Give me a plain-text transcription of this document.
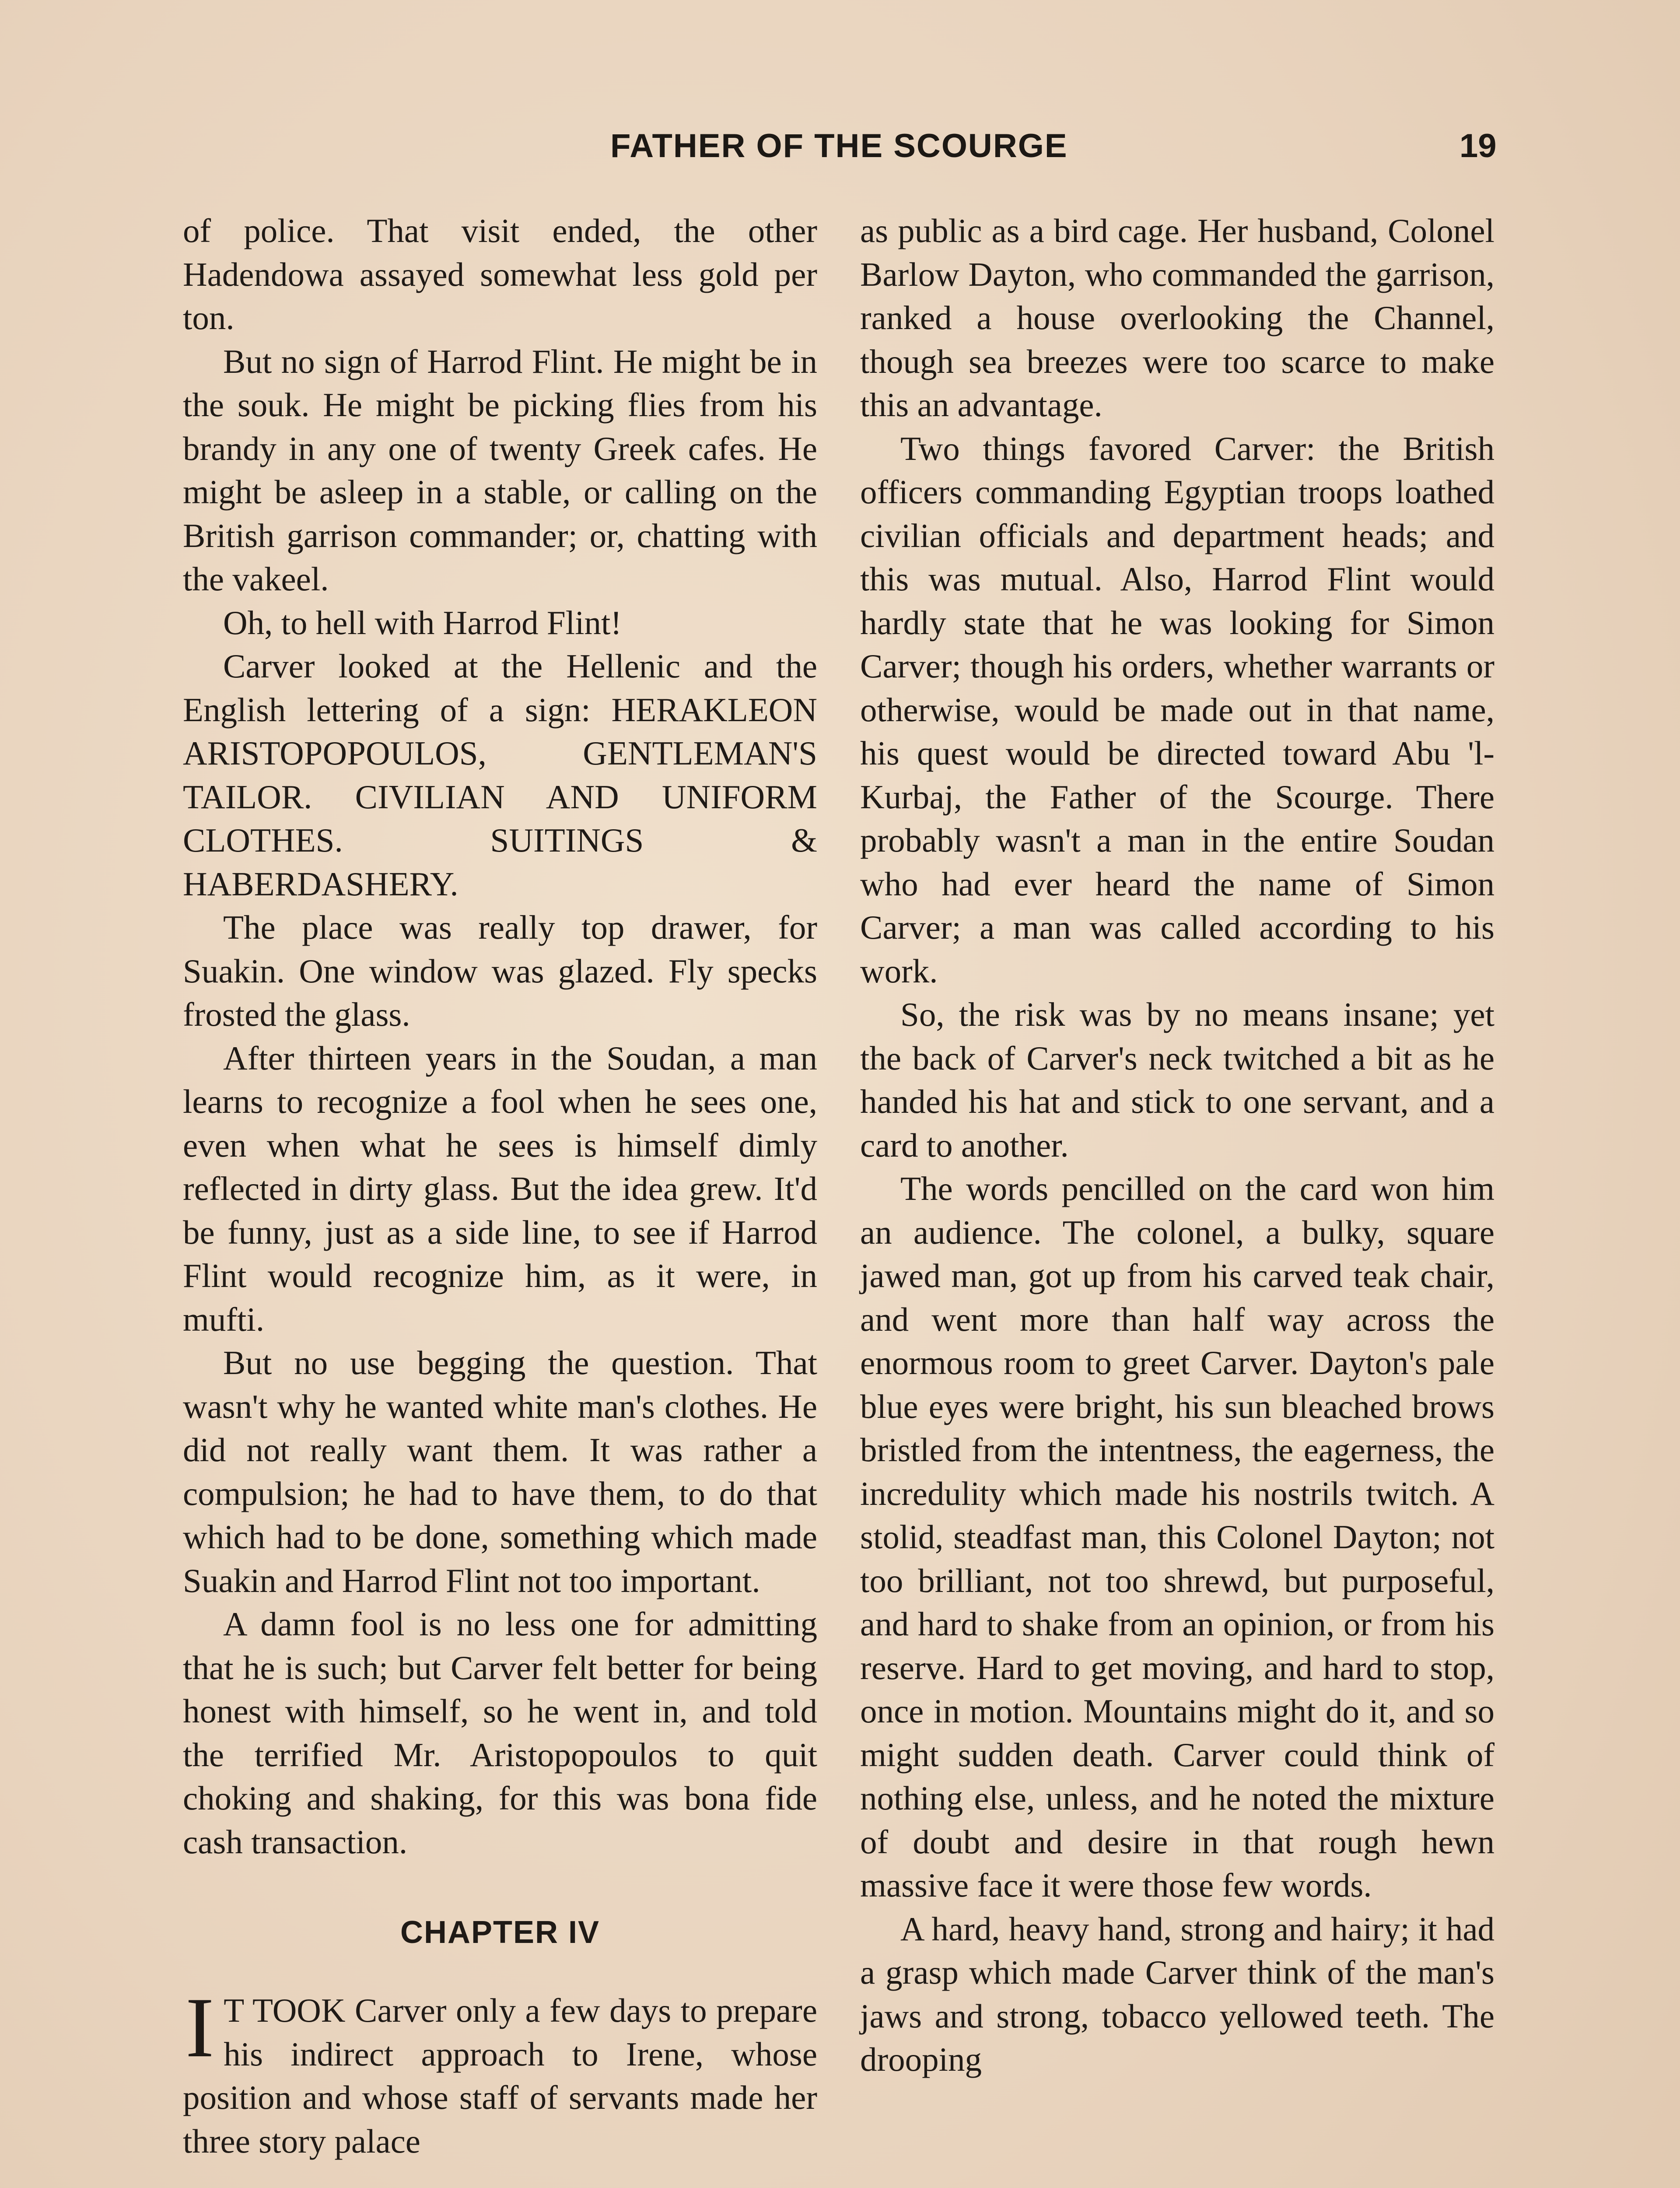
FATHER OF THE SCOURGE	19

of police. That visit ended, the other Hadendowa assayed somewhat less gold per ton.

But no sign of Harrod Flint. He might be in the souk. He might be picking flies from his brandy in any one of twenty Greek cafes. He might be asleep in a stable, or calling on the British garrison commander; or, chatting with the vakeel.

Oh, to hell with Harrod Flint!

Carver looked at the Hellenic and the English lettering of a sign: HERAKLEON ARISTOPOPOULOS, GENTLEMAN'S TAILOR. CIVILIAN AND UNIFORM CLOTHES. SUITINGS & HABERDASHERY.

The place was really top drawer, for Suakin. One window was glazed. Fly specks frosted the glass.

After thirteen years in the Soudan, a man learns to recognize a fool when he sees one, even when what he sees is himself dimly reflected in dirty glass. But the idea grew. It'd be funny, just as a side line, to see if Harrod Flint would recognize him, as it were, in mufti.

But no use begging the question. That wasn't why he wanted white man's clothes. He did not really want them. It was rather a compulsion; he had to have them, to do that which had to be done, something which made Suakin and Harrod Flint not too important.

A damn fool is no less one for admitting that he is such; but Carver felt better for being honest with himself, so he went in, and told the terrified Mr. Aristopopoulos to quit choking and shaking, for this was bona fide cash transaction.

CHAPTER IV

I T TOOK Carver only a few days to prepare his indirect approach to Irene, whose position and whose staff of servants made her three story palace

as public as a bird cage. Her husband, Colonel Barlow Dayton, who commanded the garrison, ranked a house overlooking the Channel, though sea breezes were too scarce to make this an advantage.

Two things favored Carver: the British officers commanding Egyptian troops loathed civilian officials and department heads; and this was mutual. Also, Harrod Flint would hardly state that he was looking for Simon Carver; though his orders, whether warrants or otherwise, would be made out in that name, his quest would be directed toward Abu 'l-Kurbaj, the Father of the Scourge. There probably wasn't a man in the entire Soudan who had ever heard the name of Simon Carver; a man was called according to his work.

So, the risk was by no means insane; yet the back of Carver's neck twitched a bit as he handed his hat and stick to one servant, and a card to another.

The words pencilled on the card won him an audience. The colonel, a bulky, square jawed man, got up from his carved teak chair, and went more than half way across the enormous room to greet Carver. Dayton's pale blue eyes were bright, his sun bleached brows bristled from the intentness, the eagerness, the incredulity which made his nostrils twitch. A stolid, steadfast man, this Colonel Dayton; not too brilliant, not too shrewd, but purposeful, and hard to shake from an opinion, or from his reserve. Hard to get moving, and hard to stop, once in motion. Mountains might do it, and so might sudden death. Carver could think of nothing else, unless, and he noted the mixture of doubt and desire in that rough hewn massive face it were those few words.

A hard, heavy hand, strong and hairy; it had a grasp which made Carver think of the man's jaws and strong, tobacco yellowed teeth. The drooping
